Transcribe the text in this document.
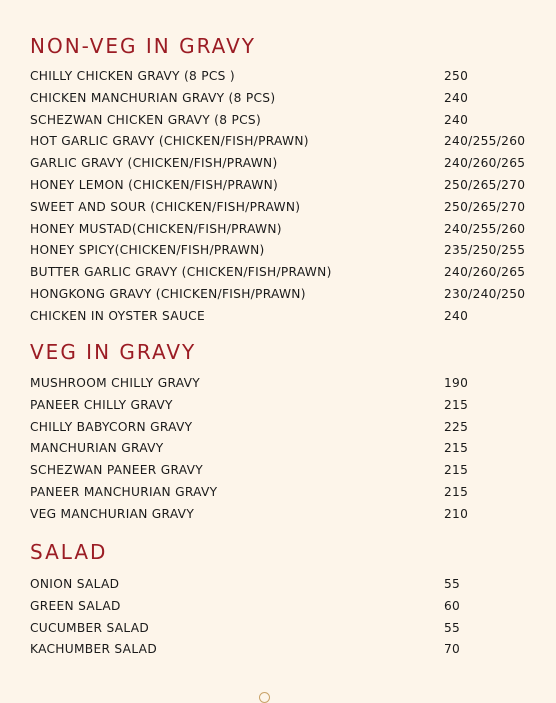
NON-VEG IN GRAVY
CHILLY CHICKEN GRAVY (8 PCS )	250
CHICKEN MANCHURIAN GRAVY (8 PCS)	240
SCHEZWAN CHICKEN GRAVY (8 PCS)	240
HOT GARLIC GRAVY (CHICKEN/FISH/PRAWN)	240/255/260
GARLIC GRAVY (CHICKEN/FISH/PRAWN)	240/260/265
HONEY LEMON (CHICKEN/FISH/PRAWN)	250/265/270
SWEET AND SOUR (CHICKEN/FISH/PRAWN)	250/265/270
HONEY MUSTAD(CHICKEN/FISH/PRAWN)	240/255/260
HONEY SPICY(CHICKEN/FISH/PRAWN)	235/250/255
BUTTER GARLIC GRAVY (CHICKEN/FISH/PRAWN)	240/260/265
HONGKONG GRAVY (CHICKEN/FISH/PRAWN)	230/240/250
CHICKEN IN OYSTER SAUCE	240
VEG IN GRAVY
MUSHROOM CHILLY GRAVY	190
PANEER CHILLY GRAVY	215
CHILLY BABYCORN GRAVY	225
MANCHURIAN GRAVY	215
SCHEZWAN PANEER GRAVY	215
PANEER MANCHURIAN GRAVY	215
VEG MANCHURIAN GRAVY	210
SALAD
ONION SALAD	55
GREEN SALAD	60
CUCUMBER SALAD	55
KACHUMBER SALAD	70
